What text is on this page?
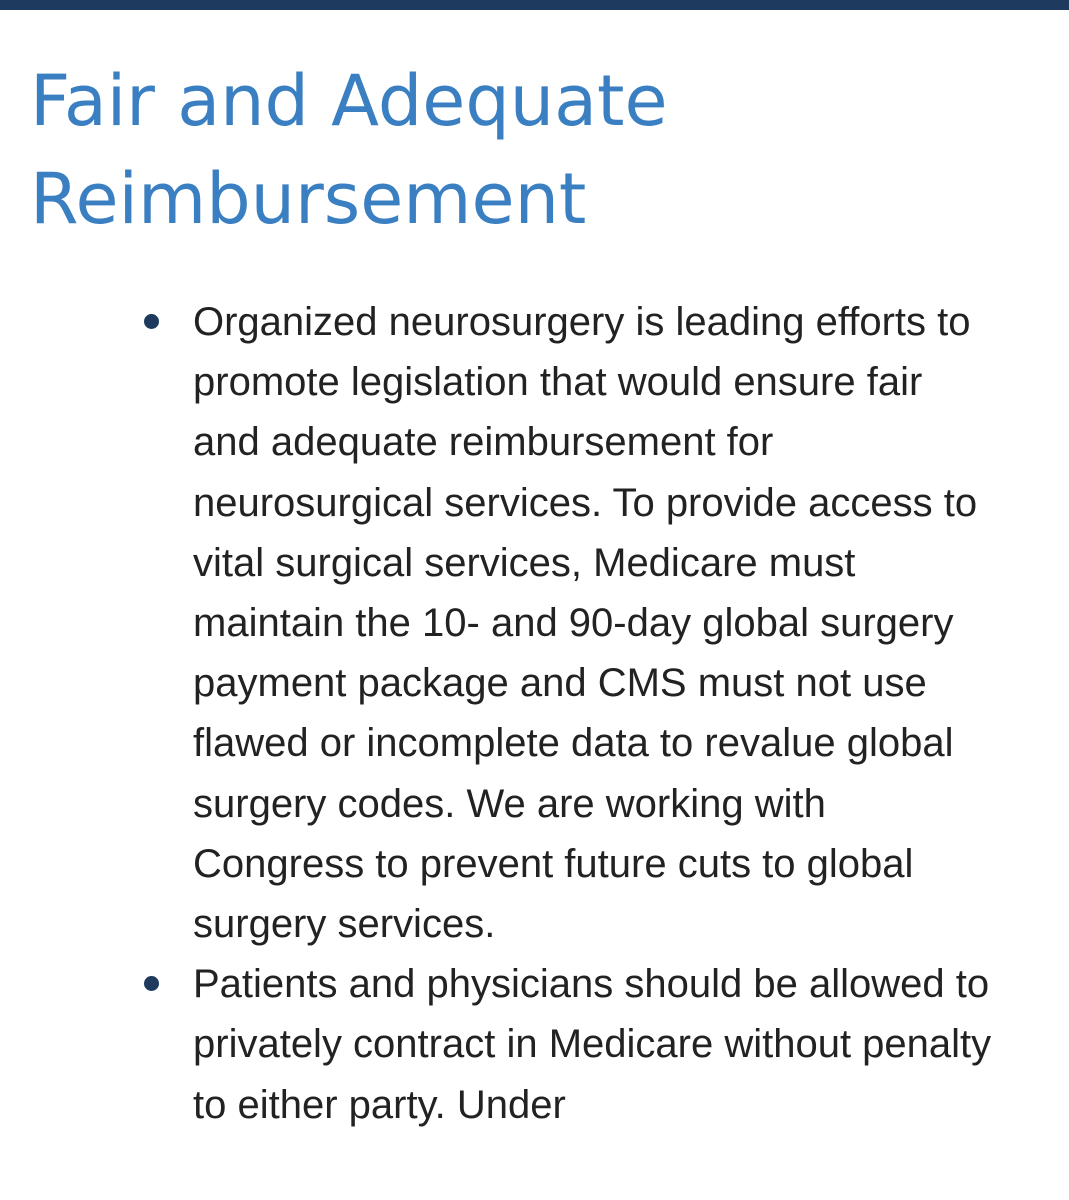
Fair and Adequate
Reimbursement
Organized neurosurgery is leading efforts to promote legislation that would ensure fair and adequate reimbursement for neurosurgical services. To provide access to vital surgical services, Medicare must maintain the 10- and 90-day global surgery payment package and CMS must not use flawed or incomplete data to revalue global surgery codes. We are working with Congress to prevent future cuts to global surgery services.
Patients and physicians should be allowed to privately contract in Medicare without penalty to either party. Under
